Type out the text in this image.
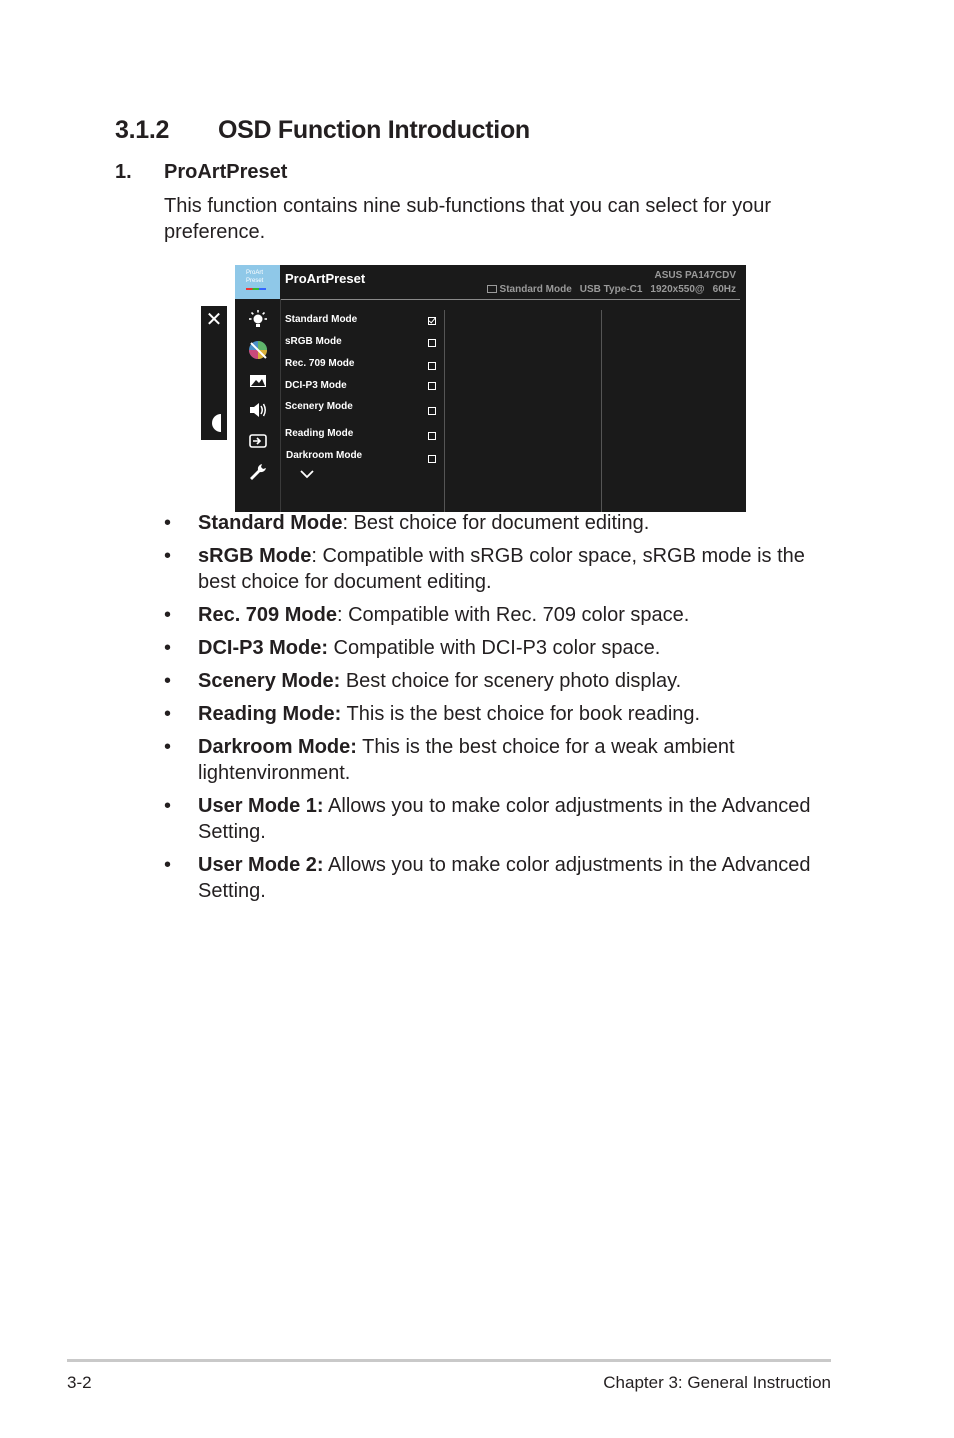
3.1.2 OSD Function Introduction
1. ProArtPreset
This function contains nine sub-functions that you can select for your preference.
✕
ProArt
Preset ProArtPreset	ASUS PA147CDV
Standard Mode USB Type-C1 1920x550@ 60Hz
Standard Mode
sRGB Mode
Rec. 709 Mode
DCI-P3 Mode
Scenery Mode
Reading Mode
Darkroom Mode
• Standard Mode: Best choice for document editing.
• sRGB Mode: Compatible with sRGB color space, sRGB mode is the best choice for document editing.
• Rec. 709 Mode: Compatible with Rec. 709 color space.
• DCI-P3 Mode: Compatible with DCI-P3 color space.
• Scenery Mode: Best choice for scenery photo display.
• Reading Mode: This is the best choice for book reading.
• Darkroom Mode: This is the best choice for a weak ambient lightenvironment.
• User Mode 1: Allows you to make color adjustments in the Advanced Setting.
• User Mode 2: Allows you to make color adjustments in the Advanced Setting.
3-2	Chapter 3: General Instruction
